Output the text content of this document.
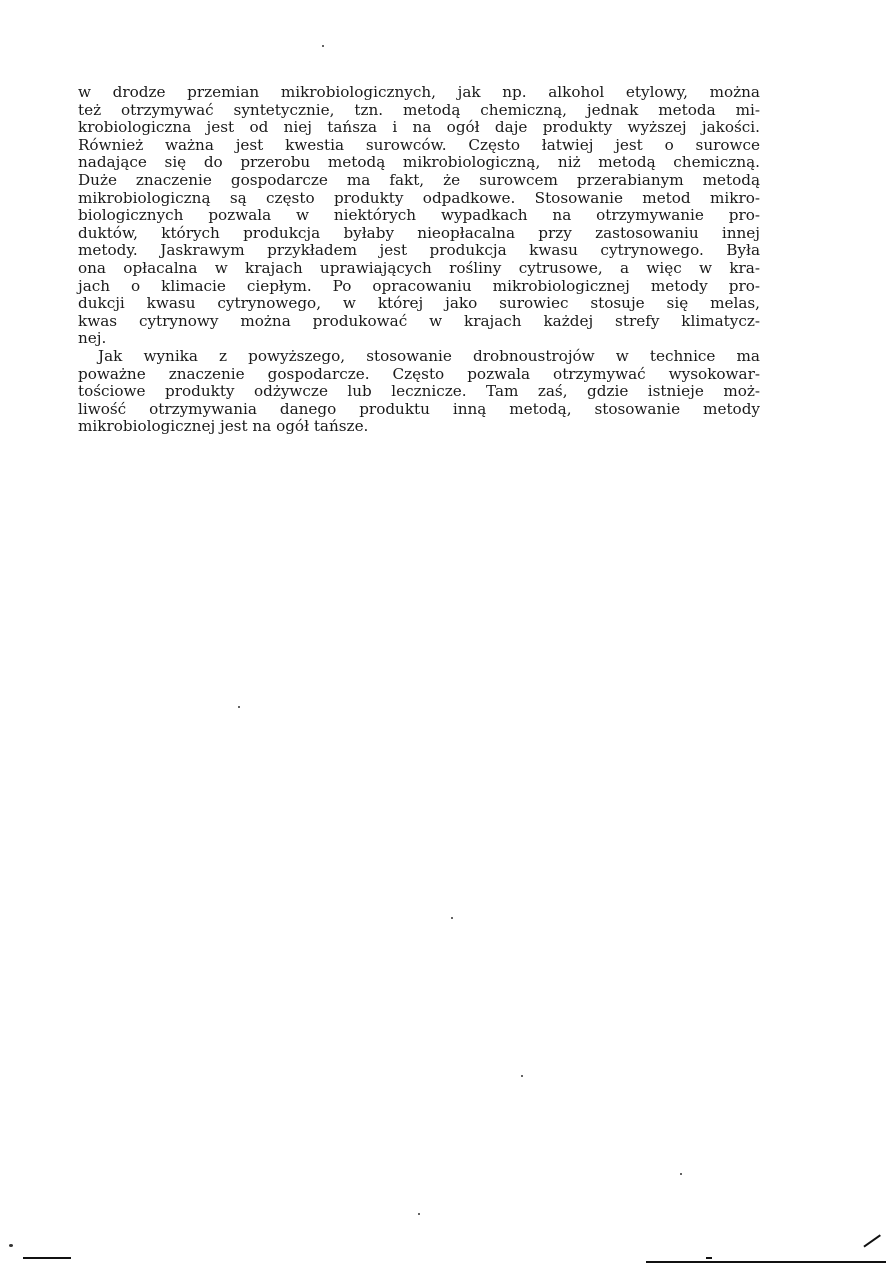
w drodze przemian mikrobiologicznych, jak np. alkohol etylowy, można
też otrzymywać syntetycznie, tzn. metodą chemiczną, jednak metoda mi-
krobiologiczna jest od niej tańsza i na ogół daje produkty wyższej jakości.
Również ważna jest kwestia surowców. Często łatwiej jest o surowce
nadające się do przerobu metodą mikrobiologiczną, niż metodą chemiczną.
Duże znaczenie gospodarcze ma fakt, że surowcem przerabianym metodą
mikrobiologiczną są często produkty odpadkowe. Stosowanie metod mikro-
biologicznych pozwala w niektórych wypadkach na otrzymywanie pro-
duktów, których produkcja byłaby nieopłacalna przy zastosowaniu innej
metody. Jaskrawym przykładem jest produkcja kwasu cytrynowego. Była
ona opłacalna w krajach uprawiających rośliny cytrusowe, a więc w kra-
jach o klimacie ciepłym. Po opracowaniu mikrobiologicznej metody pro-
dukcji kwasu cytrynowego, w której jako surowiec stosuje się melas,
kwas cytrynowy można produkować w krajach każdej strefy klimatycz-
nej.
Jak wynika z powyższego, stosowanie drobnoustrojów w technice ma
poważne znaczenie gospodarcze. Często pozwala otrzymywać wysokowar-
tościowe produkty odżywcze lub lecznicze. Tam zaś, gdzie istnieje moż-
liwość otrzymywania danego produktu inną metodą, stosowanie metody
mikrobiologicznej jest na ogół tańsze.
